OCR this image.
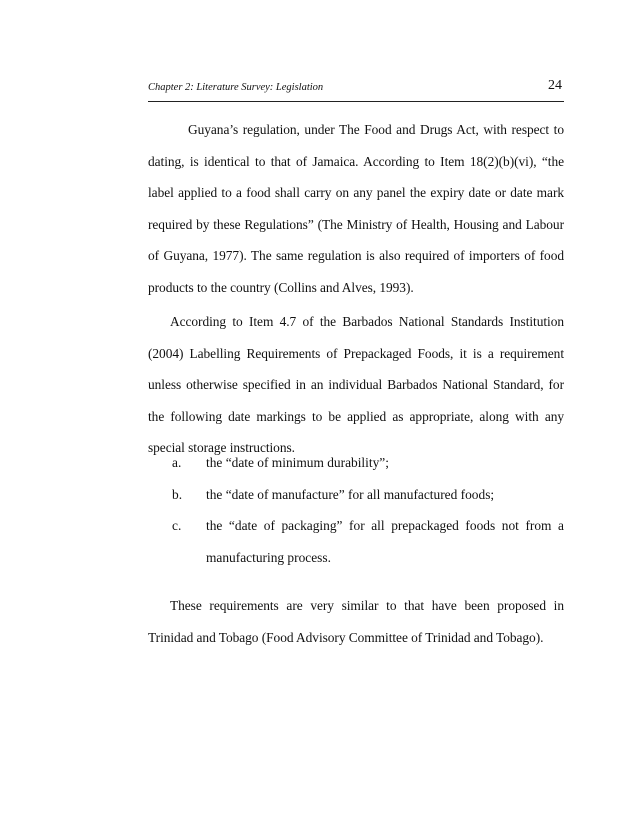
Chapter 2: Literature Survey: Legislation	24

Guyana’s regulation, under The Food and Drugs Act, with respect to dating, is identical to that of Jamaica. According to Item 18(2)(b)(vi), “the label applied to a food shall carry on any panel the expiry date or date mark required by these Regulations” (The Ministry of Health, Housing and Labour of Guyana, 1977). The same regulation is also required of importers of food products to the country (Collins and Alves, 1993).

According to Item 4.7 of the Barbados National Standards Institution (2004) Labelling Requirements of Prepackaged Foods, it is a requirement unless otherwise specified in an individual Barbados National Standard, for the following date markings to be applied as appropriate, along with any special storage instructions.

a. the “date of minimum durability”;
b. the “date of manufacture” for all manufactured foods;
c. the “date of packaging” for all prepackaged foods not from a manufacturing process.

These requirements are very similar to that have been proposed in Trinidad and Tobago (Food Advisory Committee of Trinidad and Tobago).
